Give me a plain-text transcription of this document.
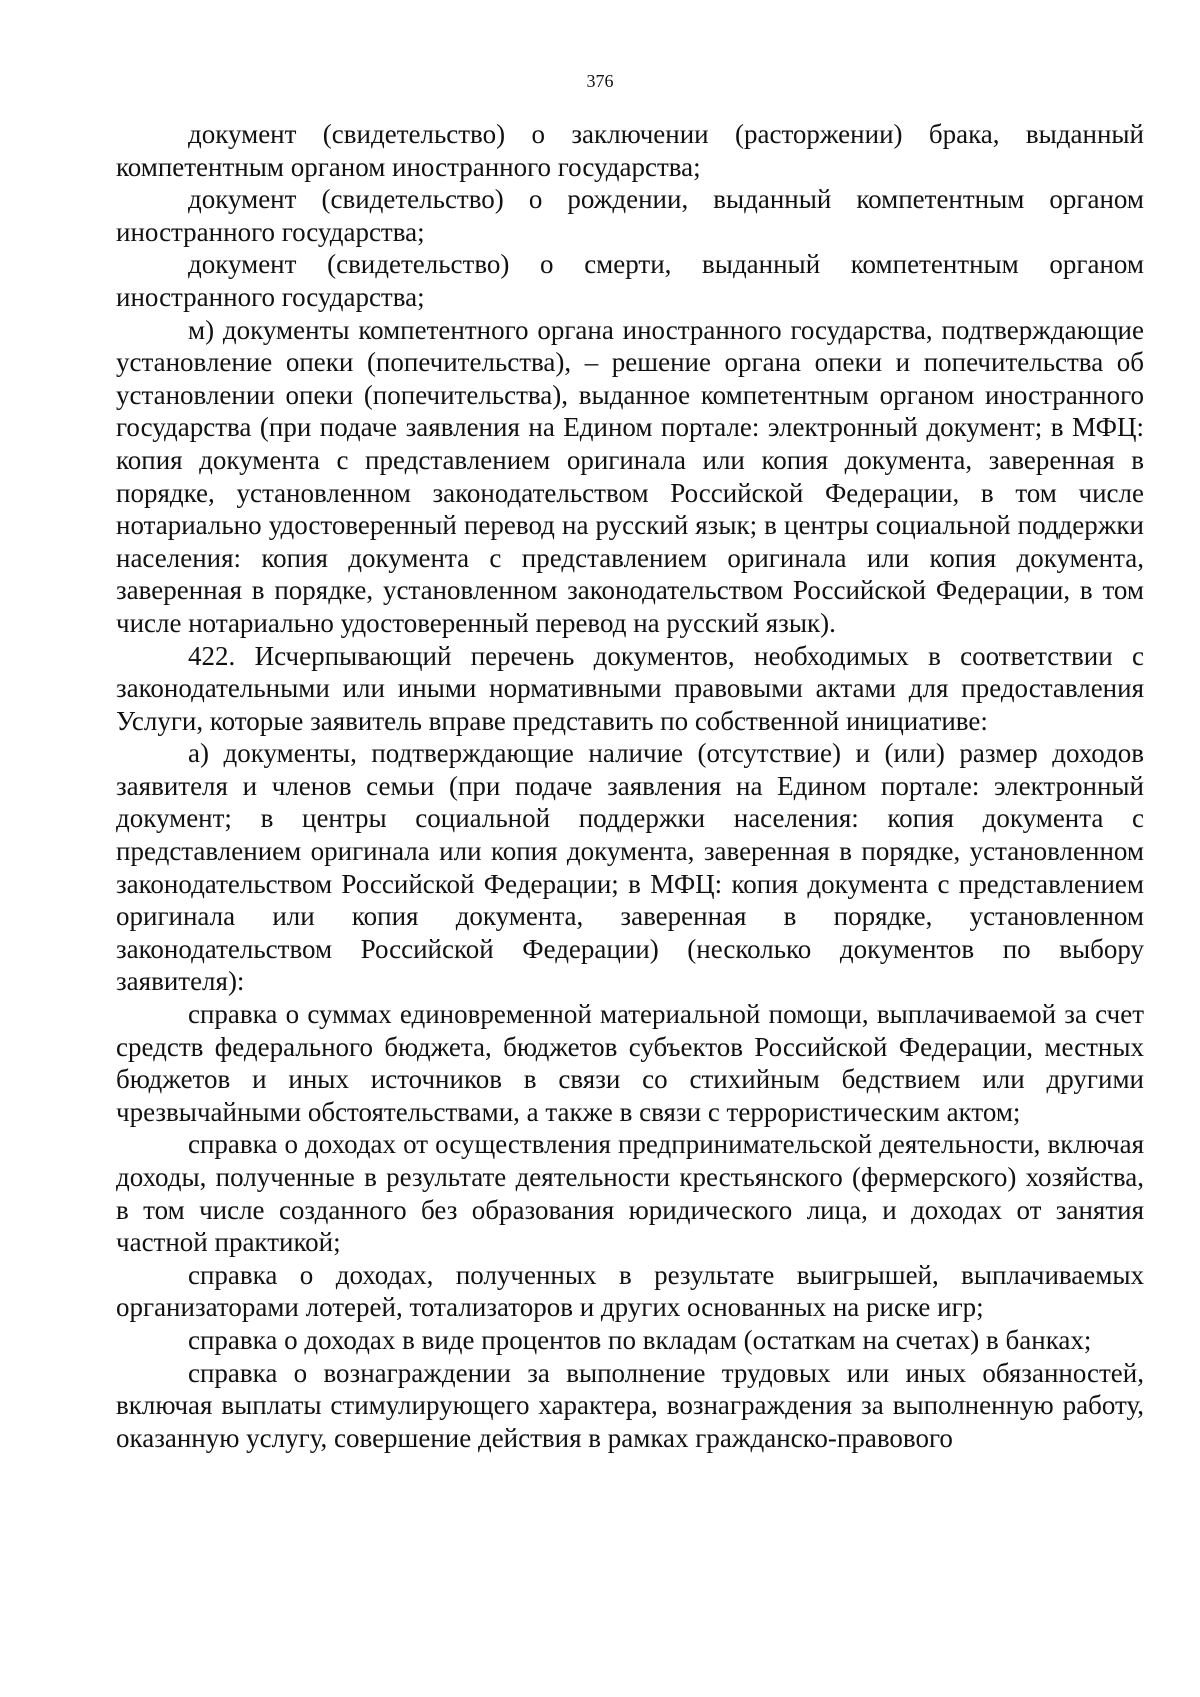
376

документ (свидетельство) о заключении (расторжении) брака, выданный компетентным органом иностранного государства;

документ (свидетельство) о рождении, выданный компетентным органом иностранного государства;

документ (свидетельство) о смерти, выданный компетентным органом иностранного государства;

м) документы компетентного органа иностранного государства, подтверждающие установление опеки (попечительства), – решение органа опеки и попечительства об установлении опеки (попечительства), выданное компетентным органом иностранного государства (при подаче заявления на Едином портале: электронный документ; в МФЦ: копия документа с представлением оригинала или копия документа, заверенная в порядке, установленном законодательством Российской Федерации, в том числе нотариально удостоверенный перевод на русский язык; в центры социальной поддержки населения: копия документа с представлением оригинала или копия документа, заверенная в порядке, установленном законодательством Российской Федерации, в том числе нотариально удостоверенный перевод на русский язык).

422. Исчерпывающий перечень документов, необходимых в соответствии с законодательными или иными нормативными правовыми актами для предоставления Услуги, которые заявитель вправе представить по собственной инициативе:

а) документы, подтверждающие наличие (отсутствие) и (или) размер доходов заявителя и членов семьи (при подаче заявления на Едином портале: электронный документ; в центры социальной поддержки населения: копия документа с представлением оригинала или копия документа, заверенная в порядке, установленном законодательством Российской Федерации; в МФЦ: копия документа с представлением оригинала или копия документа, заверенная в порядке, установленном законодательством Российской Федерации) (несколько документов по выбору заявителя):

справка о суммах единовременной материальной помощи, выплачиваемой за счет средств федерального бюджета, бюджетов субъектов Российской Федерации, местных бюджетов и иных источников в связи со стихийным бедствием или другими чрезвычайными обстоятельствами, а также в связи с террористическим актом;

справка о доходах от осуществления предпринимательской деятельности, включая доходы, полученные в результате деятельности крестьянского (фермерского) хозяйства, в том числе созданного без образования юридического лица, и доходах от занятия частной практикой;

справка о доходах, полученных в результате выигрышей, выплачиваемых организаторами лотерей, тотализаторов и других основанных на риске игр;

справка о доходах в виде процентов по вкладам (остаткам на счетах) в банках;

справка о вознаграждении за выполнение трудовых или иных обязанностей, включая выплаты стимулирующего характера, вознаграждения за выполненную работу, оказанную услугу, совершение действия в рамках гражданско-правового
